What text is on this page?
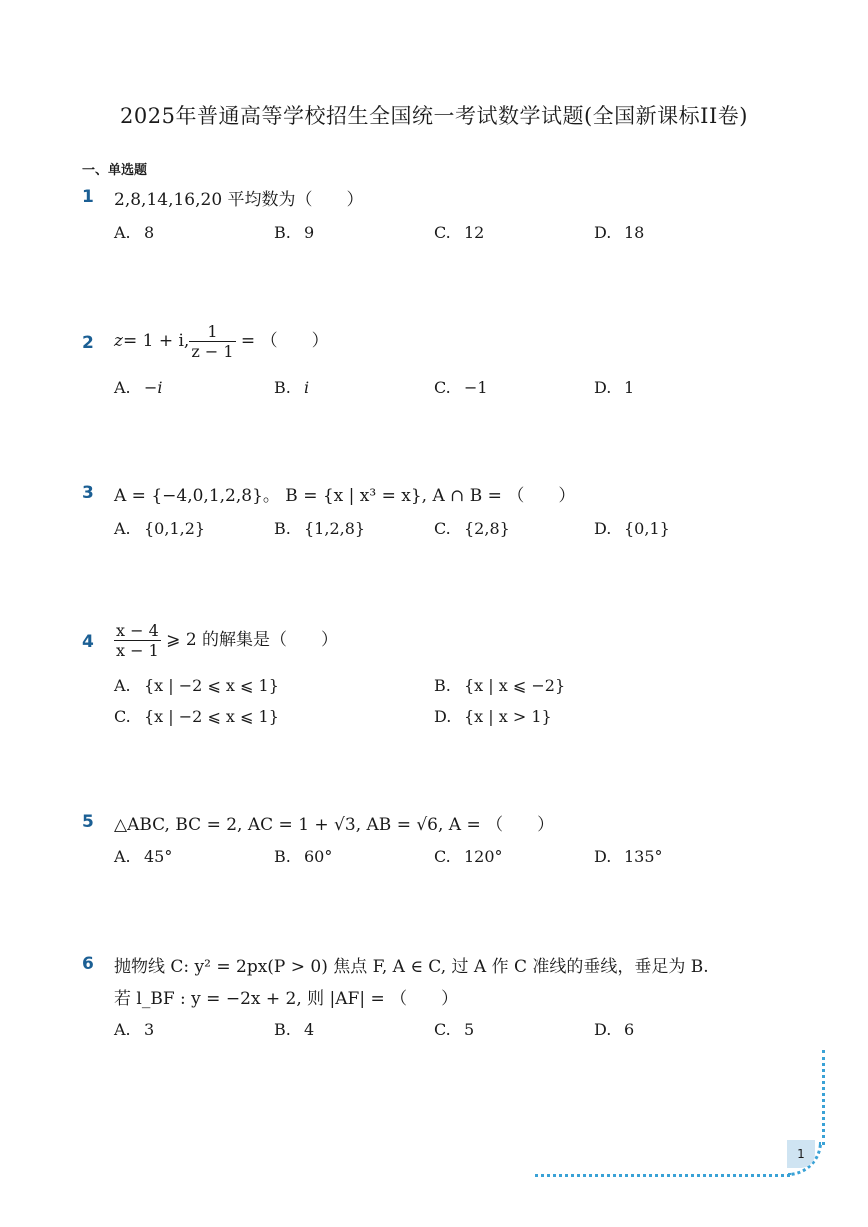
2025年普通高等学校招生全国统一考试数学试题(全国新课标II卷)
一、单选题
1	2,8,14,16,20 平均数为（　　）
A. 8	B. 9	C. 12	D. 18
2	z= 1 + i, $\frac{1}{z - 1}$ = （　　）
A. −i	B. i	C. −1	D. 1
3	A = {−4,0,1,2,8}。 B = {x | x³ = x}, A ∩ B = （　　）
A. {0,1,2}	B. {1,2,8}	C. {2,8}	D. {0,1}
4	$\frac{x - 4}{x - 1}$ ⩾ 2 的解集是（　　）
A. {x | −2 ⩽ x ⩽ 1}	B. {x | x ⩽ −2}
C. {x | −2 ⩽ x ⩽ 1}	D. {x | x > 1}
5	△ABC, BC = 2, AC = 1 + √3, AB = √6, A = （　　）
A. 45°	B. 60°	C. 120°	D. 135°
6	抛物线 C: y² = 2px(P > 0) 焦点 F, A ∈ C, 过 A 作 C 准线的垂线，垂足为 B.
若 l_BF : y = −2x + 2, 则 |AF| = （　　）
A. 3	B. 4	C. 5	D. 6
1
